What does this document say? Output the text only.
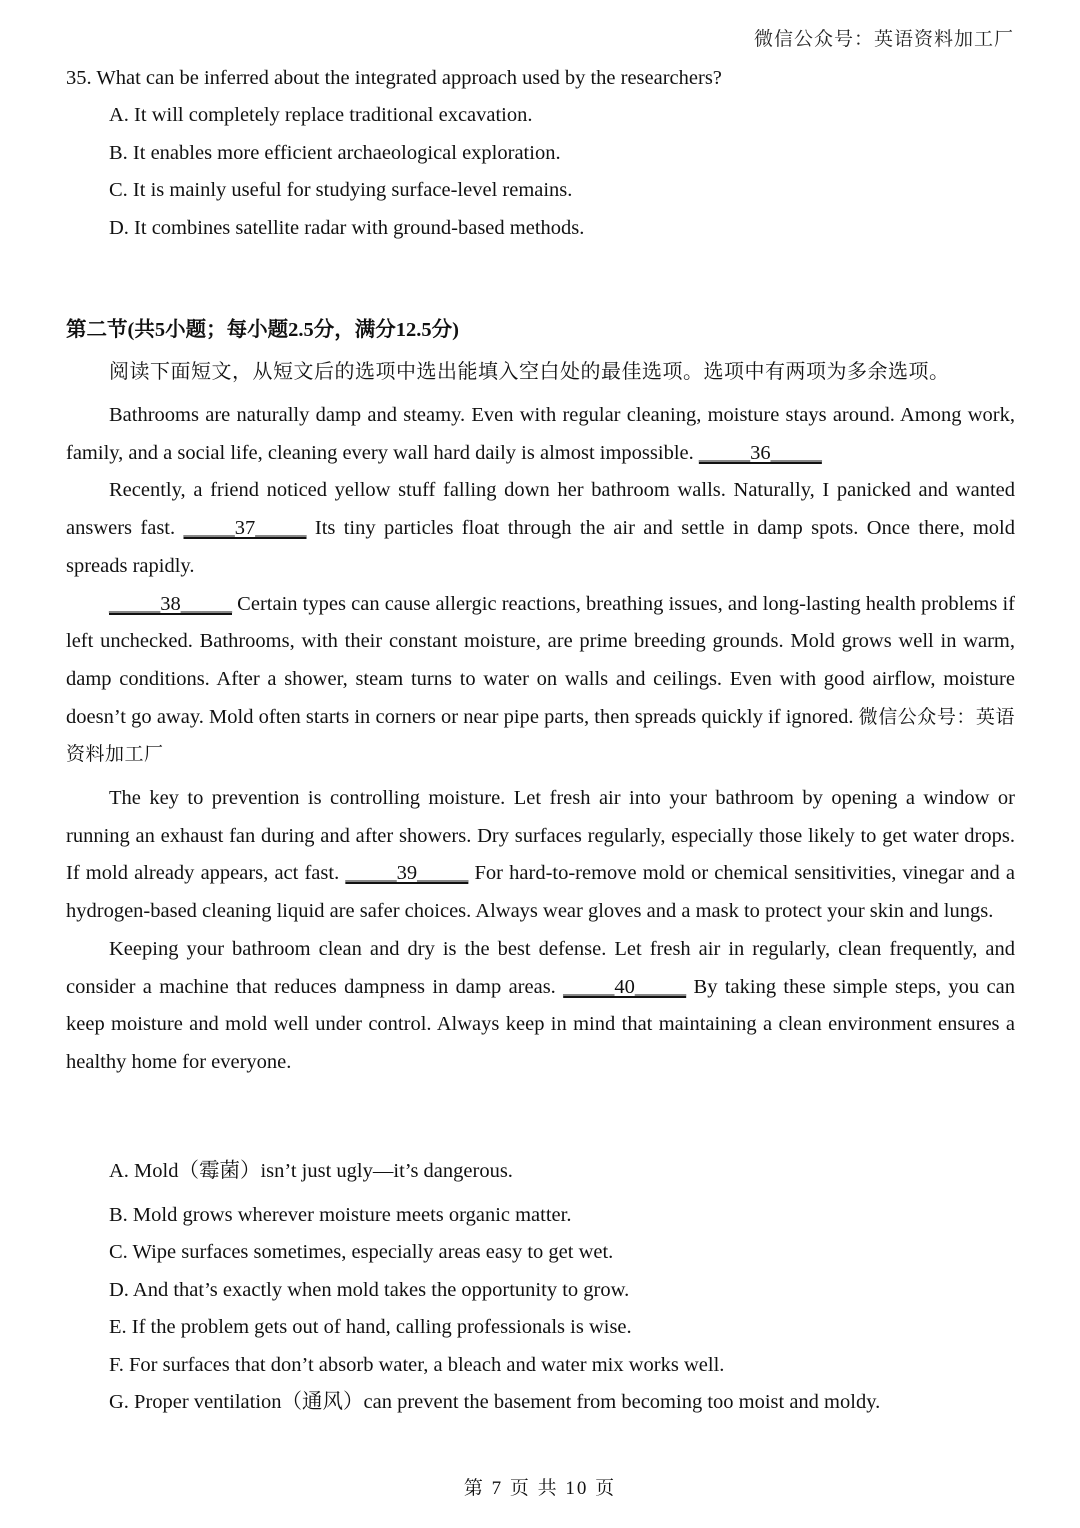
微信公众号：英语资料加工厂
35. What can be inferred about the integrated approach used by the researchers?
A. It will completely replace traditional excavation.
B. It enables more efficient archaeological exploration.
C. It is mainly useful for studying surface-level remains.
D. It combines satellite radar with ground-based methods.
第二节(共5小题；每小题2.5分，满分12.5分)
阅读下面短文，从短文后的选项中选出能填入空白处的最佳选项。选项中有两项为多余选项。

Bathrooms are naturally damp and steamy. Even with regular cleaning, moisture stays around. Among work, family, and a social life, cleaning every wall hard daily is almost impossible. _____36_____

Recently, a friend noticed yellow stuff falling down her bathroom walls. Naturally, I panicked and wanted answers fast. _____37_____ Its tiny particles float through the air and settle in damp spots. Once there, mold spreads rapidly.

_____38_____ Certain types can cause allergic reactions, breathing issues, and long-lasting health problems if left unchecked. Bathrooms, with their constant moisture, are prime breeding grounds. Mold grows well in warm, damp conditions. After a shower, steam turns to water on walls and ceilings. Even with good airflow, moisture doesn’t go away. Mold often starts in corners or near pipe parts, then spreads quickly if ignored. 微信公众号：英语资料加工厂

The key to prevention is controlling moisture. Let fresh air into your bathroom by opening a window or running an exhaust fan during and after showers. Dry surfaces regularly, especially those likely to get water drops. If mold already appears, act fast. _____39_____ For hard-to-remove mold or chemical sensitivities, vinegar and a hydrogen-based cleaning liquid are safer choices. Always wear gloves and a mask to protect your skin and lungs.

Keeping your bathroom clean and dry is the best defense. Let fresh air in regularly, clean frequently, and consider a machine that reduces dampness in damp areas. _____40_____ By taking these simple steps, you can keep moisture and mold well under control. Always keep in mind that maintaining a clean environment ensures a healthy home for everyone.

A. Mold（霉菌）isn’t just ugly—it’s dangerous.
B. Mold grows wherever moisture meets organic matter.
C. Wipe surfaces sometimes, especially areas easy to get wet.
D. And that’s exactly when mold takes the opportunity to grow.
E. If the problem gets out of hand, calling professionals is wise.
F. For surfaces that don’t absorb water, a bleach and water mix works well.
G. Proper ventilation（通风）can prevent the basement from becoming too moist and moldy.
第 7 页 共 10 页
